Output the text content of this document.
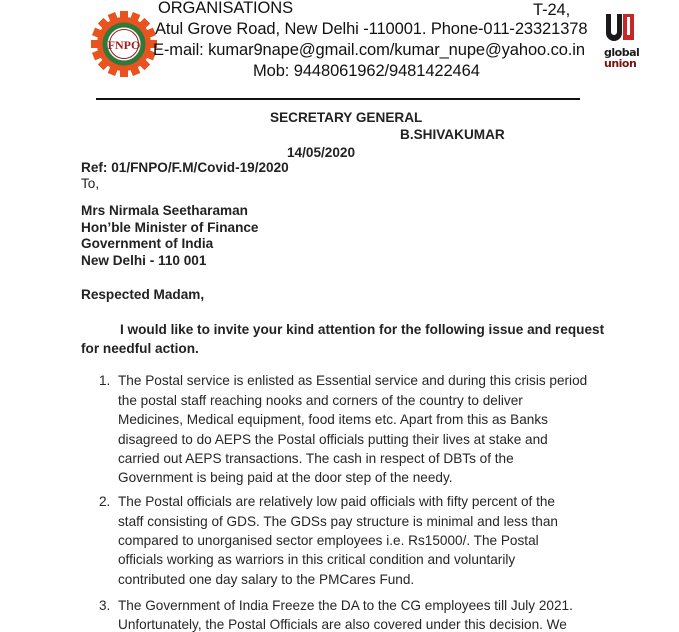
FNPO
ORGANISATIONS	T-24,
Atul Grove Road, New Delhi -110001. Phone-011-23321378
E-mail: kumar9nape@gmail.com/kumar_nupe@yahoo.co.in
Mob: 9448061962/9481422464
global
union
SECRETARY GENERAL
B.SHIVAKUMAR
14/05/2020
Ref: 01/FNPO/F.M/Covid-19/2020
To,
Mrs Nirmala Seetharaman
Hon’ble Minister of Finance
Government of India
New Delhi - 110 001
Respected Madam,
I would like to invite your kind attention for the following issue and request
for needful action.
1. The Postal service is enlisted as Essential service and during this crisis period
the postal staff reaching nooks and corners of the country to deliver
Medicines, Medical equipment, food items etc. Apart from this as Banks
disagreed to do AEPS the Postal officials putting their lives at stake and
carried out AEPS transactions. The cash in respect of DBTs of the
Government is being paid at the door step of the needy.
2. The Postal officials are relatively low paid officials with fifty percent of the
staff consisting of GDS. The GDSs pay structure is minimal and less than
compared to unorganised sector employees i.e. Rs15000/. The Postal
officials working as warriors in this critical condition and voluntarily
contributed one day salary to the PMCares Fund.
3. The Government of India Freeze the DA to the CG employees till July 2021.
Unfortunately, the Postal Officials are also covered under this decision. We
